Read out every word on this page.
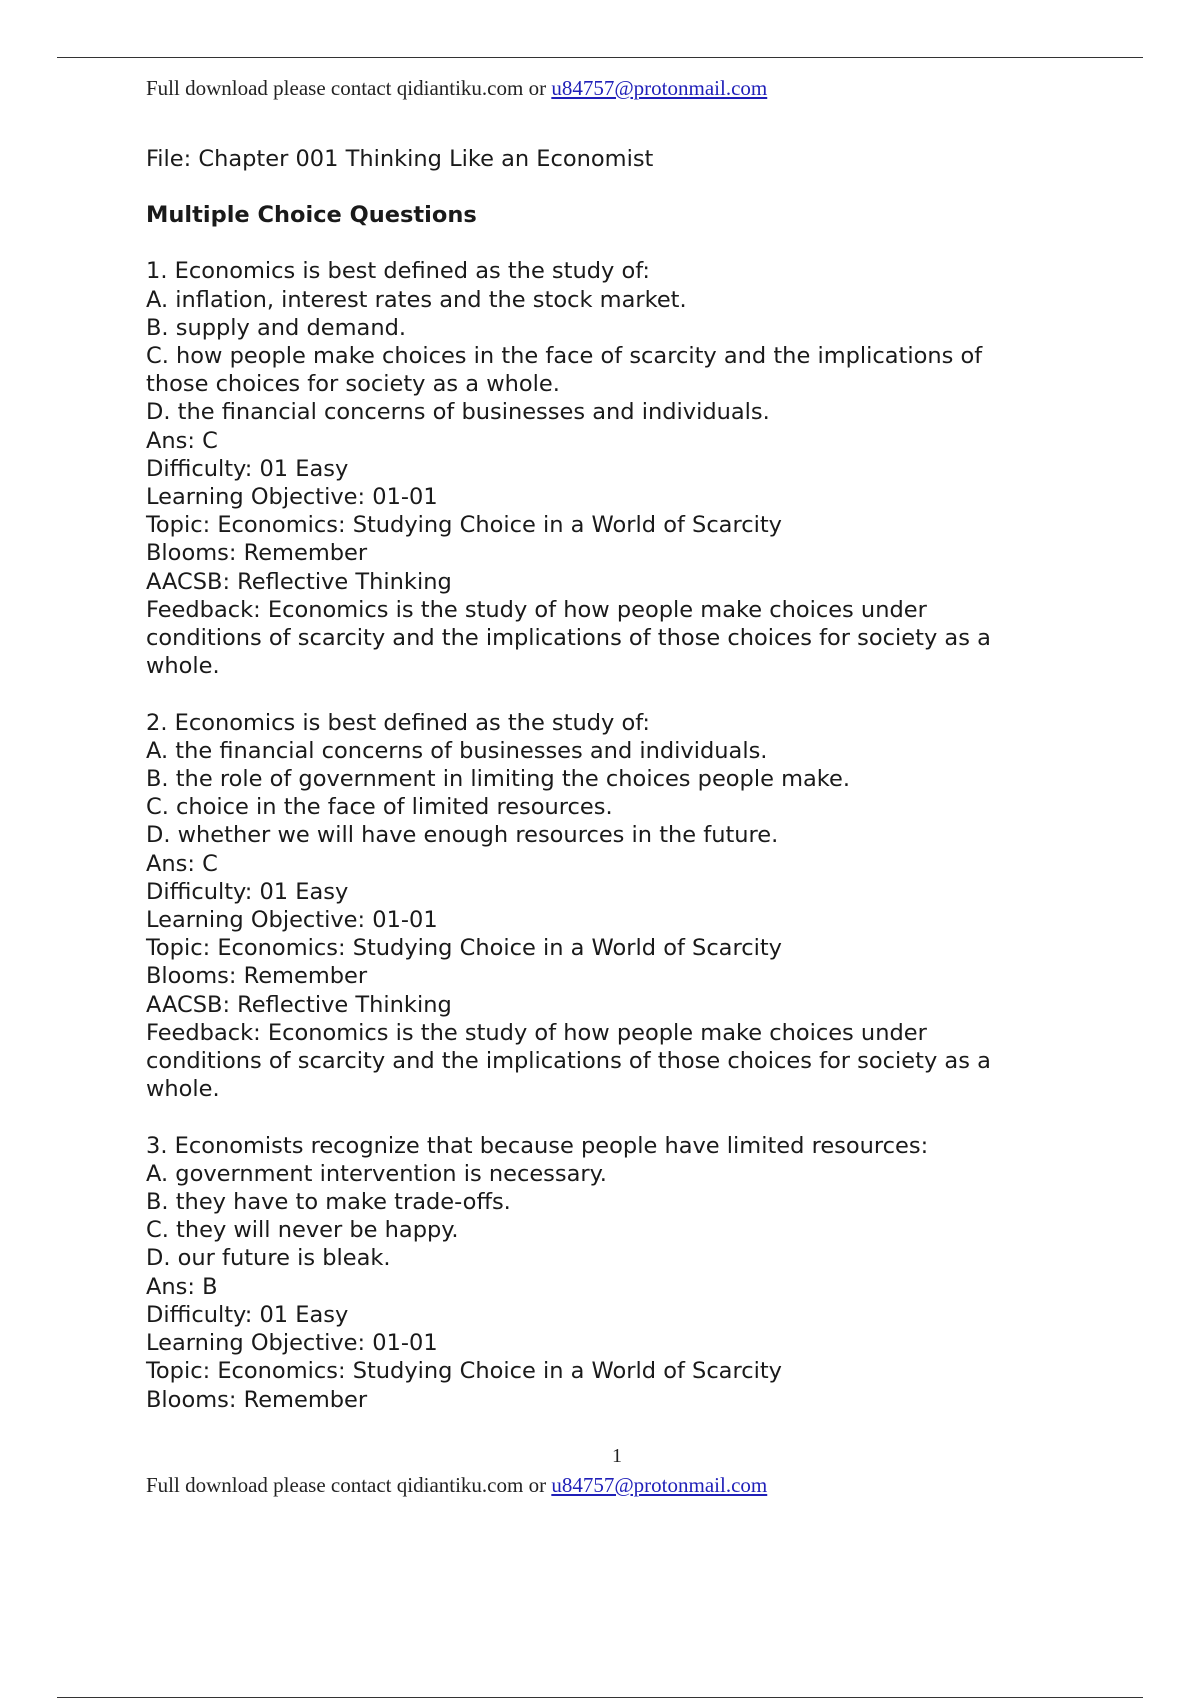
Full download please contact qidiantiku.com or u84757@protonmail.com
File: Chapter 001 Thinking Like an Economist
Multiple Choice Questions
1. Economics is best defined as the study of:
A. inflation, interest rates and the stock market.
B. supply and demand.
C. how people make choices in the face of scarcity and the implications of
those choices for society as a whole.
D. the financial concerns of businesses and individuals.
Ans: C
Difficulty: 01 Easy
Learning Objective: 01-01
Topic: Economics: Studying Choice in a World of Scarcity
Blooms: Remember
AACSB: Reflective Thinking
Feedback: Economics is the study of how people make choices under
conditions of scarcity and the implications of those choices for society as a
whole.
2. Economics is best defined as the study of:
A. the financial concerns of businesses and individuals.
B. the role of government in limiting the choices people make.
C. choice in the face of limited resources.
D. whether we will have enough resources in the future.
Ans: C
Difficulty: 01 Easy
Learning Objective: 01-01
Topic: Economics: Studying Choice in a World of Scarcity
Blooms: Remember
AACSB: Reflective Thinking
Feedback: Economics is the study of how people make choices under
conditions of scarcity and the implications of those choices for society as a
whole.
3. Economists recognize that because people have limited resources:
A. government intervention is necessary.
B. they have to make trade-offs.
C. they will never be happy.
D. our future is bleak.
Ans: B
Difficulty: 01 Easy
Learning Objective: 01-01
Topic: Economics: Studying Choice in a World of Scarcity
Blooms: Remember
1
Full download please contact qidiantiku.com or u84757@protonmail.com
